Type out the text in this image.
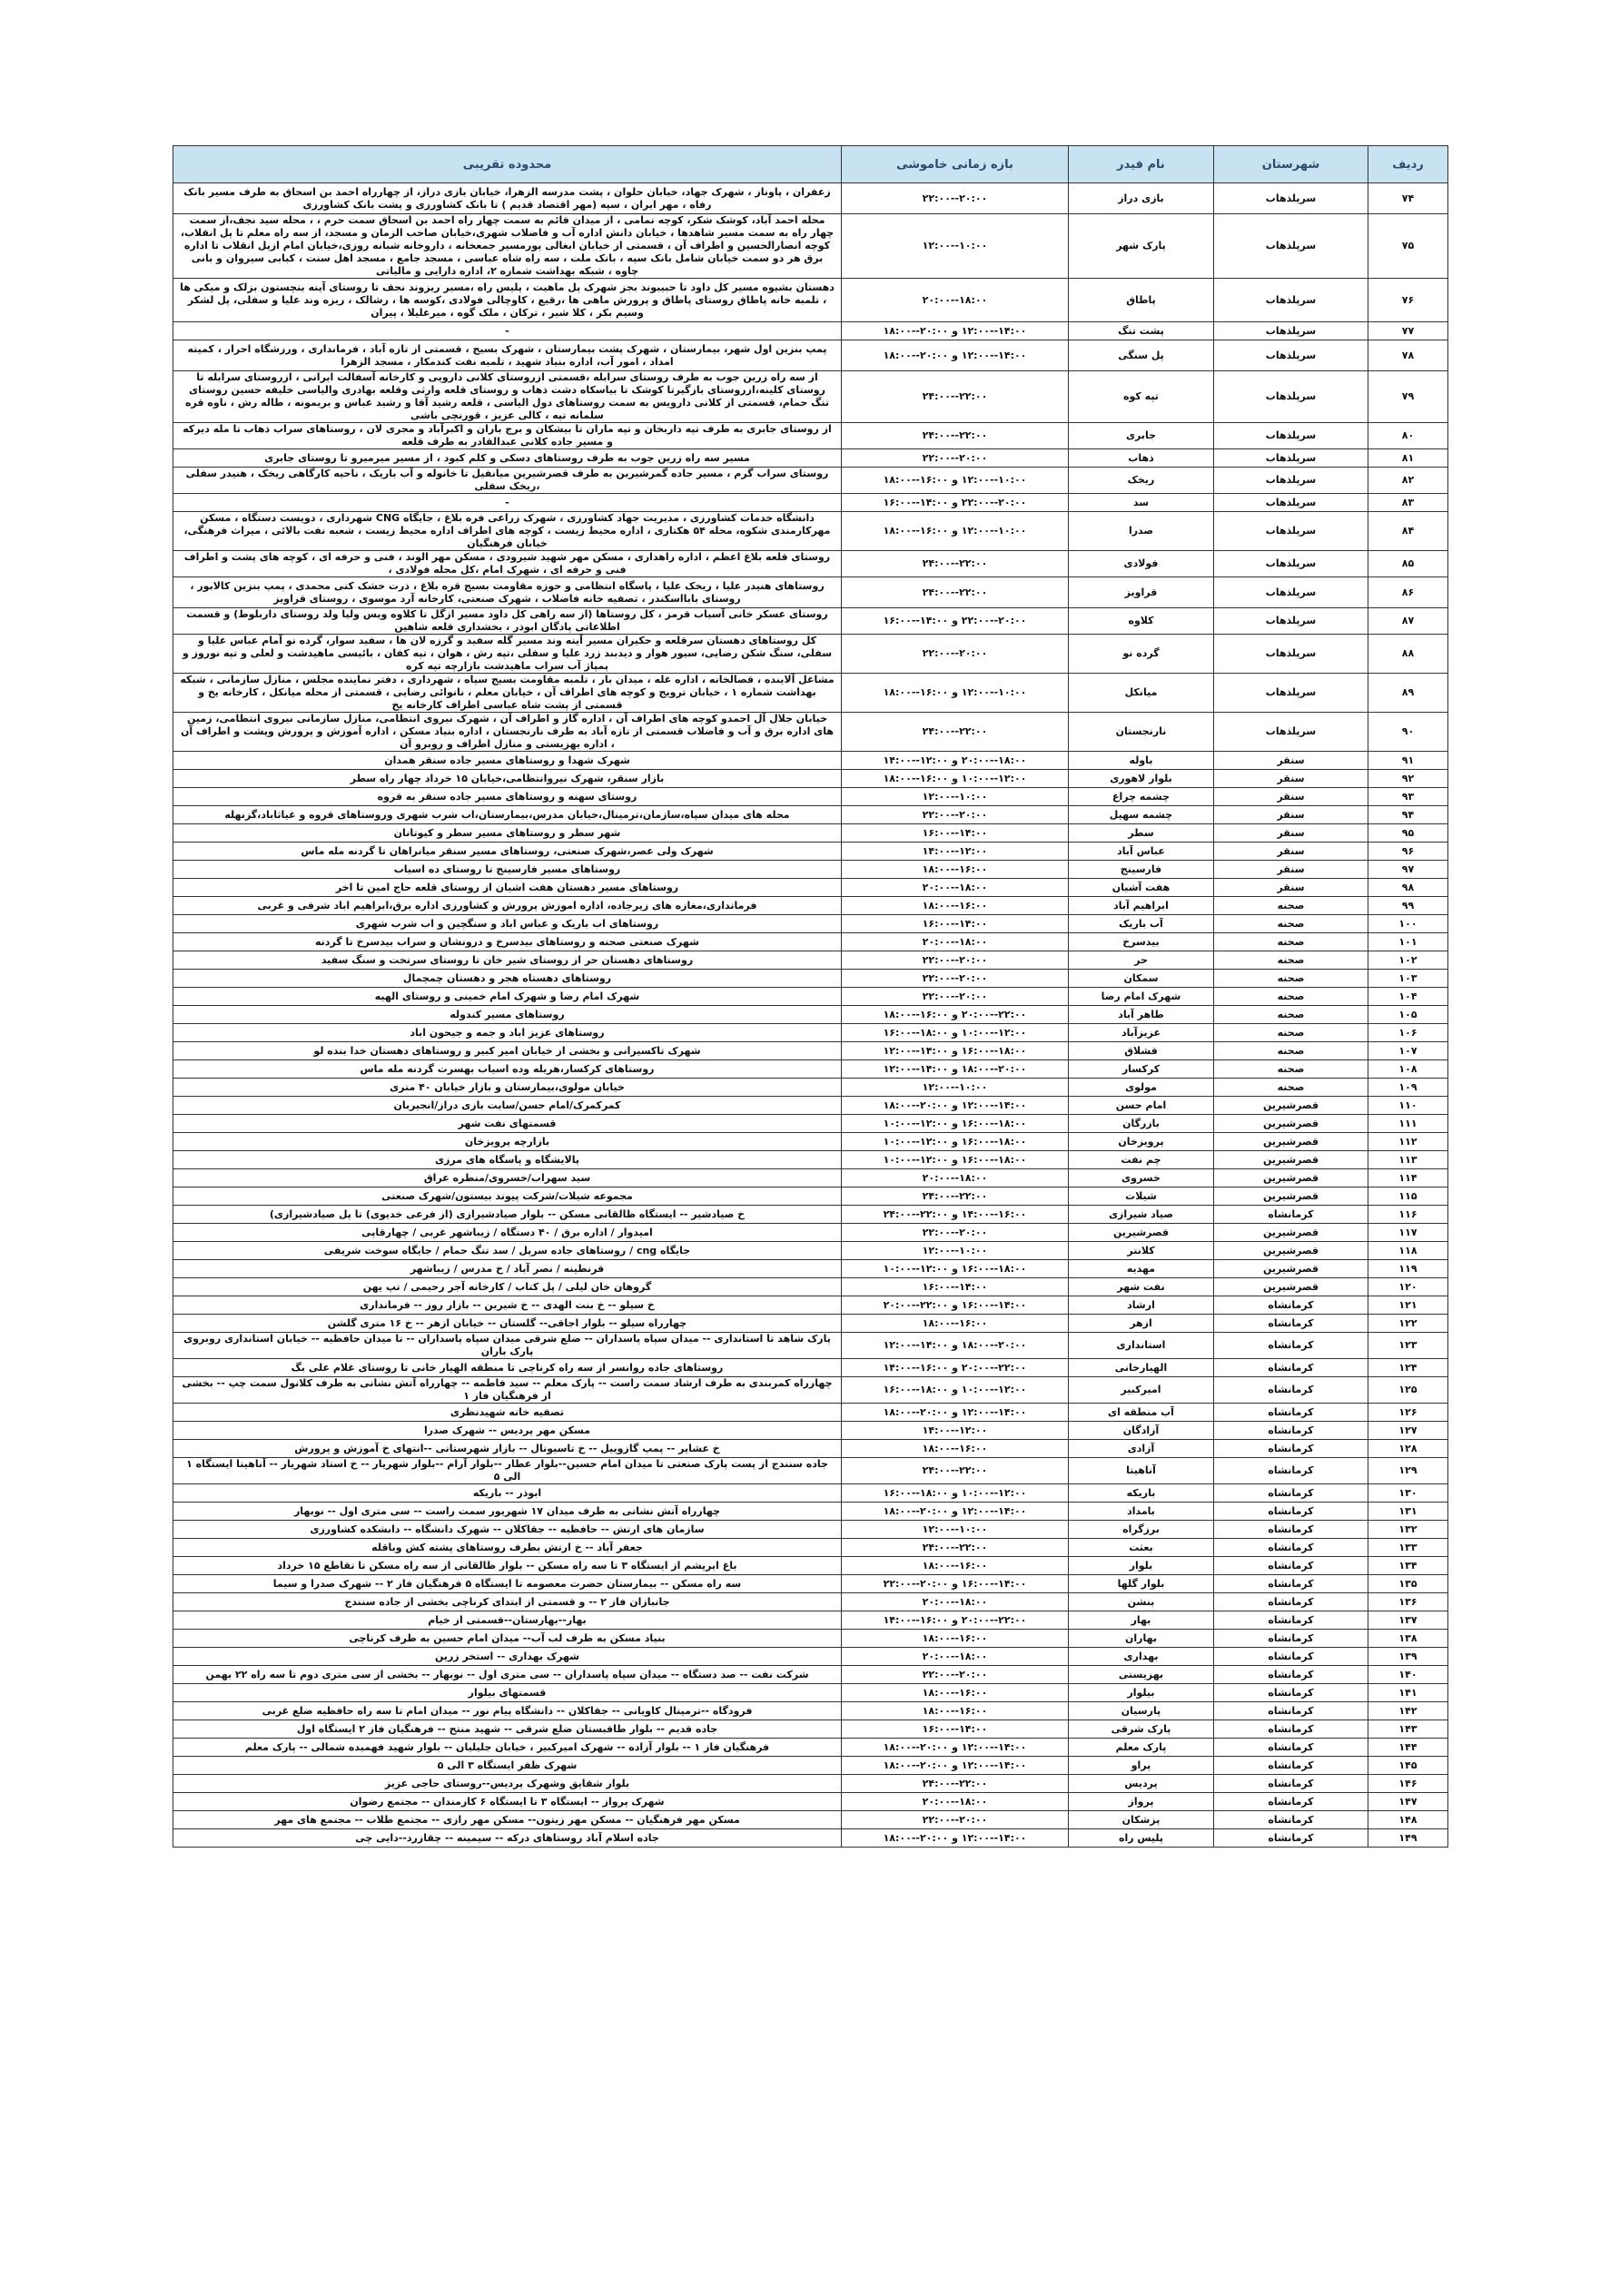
ردیف	شهرستان	نام فیدر	بازه زمانی خاموشی	محدوده تقریبی
۷۴	سرپلذهاب	بازی دراز	۲۰:۰۰--۲۲:۰۰	زعفران ، پاوناز ، شهرک جهاد، خیابان حلوان ، پشت مدرسه الزهرا، خیابان بازی دراز، از چهارراه احمد بن اسحاق به طرف مسیر بانک رفاه ، مهر ایران ، سپه (مهر اقتصاد قدیم ) تا بانک کشاورزی و پشت بانک کشاورزی
۷۵	سرپلذهاب	پارک شهر	۱۰:۰۰--۱۲:۰۰	محله احمد آباد، کوشک شکر، کوچه نمامی ، از میدان قائم به سمت چهار راه احمد بن اسحاق سمت حرم ، ، محله سید نجف،از سمت چهار راه به سمت مسیر شاهدها ، خیابان دانش اداره آب و فاضلاب شهری،خیابان صاحب الزمان و مسجد، از سه راه معلم تا پل انقلاب، کوچه انصارالحسین و اطراف آن ، قسمتی از خیابان ابغالی پورمسیر جمعخانه ، داروخانه شبانه روزی،خیابان امام ازپل انقلاب تا اداره برق هر دو سمت خیابان شامل بانک سپه ، بانک ملت ، سه راه شاه عباسی ، مسجد جامع ، مسجد اهل سنت ، کبابی سیروان و بانی چاوه ، شبکه بهداشت شماره ۲، اداره دارایی و مالیاتی
۷۶	سرپلذهاب	پاطاق	۱۸:۰۰--۲۰:۰۰	دهستان بشیوه مسیر کل داود تا حبیبوند بجز شهرک پل ماهیت ، پلیس راه ،مسیر ریزوند نجف تا روستای آینه بنچستون بزلک و میکی ها ، تلمبه خانه پاطاق روستای پاطاق و پرورش ماهی ها ،رقیع ، کاوچالی فولادی ،کوسه ها ، رشالک ، ریزه وند علیا و سفلی، پل لشکر وسیم بکر ، کلا شیر ، ترکان ، ملک گوه ، میرعلیلا ، پیران
۷۷	سرپلذهاب	پشت تنگ	۱۴:۰۰--۱۲:۰۰ و ۲۰:۰۰--۱۸:۰۰	-
۷۸	سرپلذهاب	پل سنگی	۱۴:۰۰--۱۲:۰۰ و ۲۰:۰۰--۱۸:۰۰	پمپ بنزین اول شهر، بیمارستان ، شهرک پشت بیمارستان ، شهرک بسیج ، قسمتی از تازه آباد ، فرمانداری ، ورزشگاه احرار ، کمیته امداد ، امور آب، اداره بنیاد شهید ، تلمبه نفت کندمکار ، مسجد الزهرا
۷۹	سرپلذهاب	تپه کوه	۲۲:۰۰--۲۴:۰۰	از سه راه زرین جوب به طرف روستای سرابله ،قسمتی ازروستای کلانی دارویی و کارخانه آسفالت ایرانی ، ازروستای سرابله تا روستای کلینه،ازروستای بازگیرتا کوشک تا بیاسکاه دشت ذهاب و روستای قلعه وارثی وقلعه بهادری والیاسی خلیفه حسین روستای تنگ حمام، قسمتی از کلانی دارویس به سمت روستاهای دول الیاسی ، قلعه رشید آقا و رشید عباس و بریمونه ، طاله رش ، ناوه قره سلمانه تپه ، کالی عزیز ، قورنچی باشی
۸۰	سرپلذهاب	جابری	۲۲:۰۰--۲۴:۰۰	از روستای جابری به طرف تپه داربخان و تپه ماران تا بیشکان و برج باران و اکبرآباد و مجری لان ، روستاهای سراب ذهاب تا مله دیرکه و مسیر جاده کلانی عبدالقادر به طرف قلعه
۸۱	سرپلذهاب	ذهاب	۲۰:۰۰--۲۲:۰۰	مسیر سه راه زرین جوب به طرف روستاهای دسکی و کلم کبود ، از مسیر میرمیرو تا روستای جابری
۸۲	سرپلذهاب	ریخک	۱۰:۰۰--۱۲:۰۰ و ۱۶:۰۰--۱۸:۰۰	روستای سراب گرم ، مسیر جاده گمرشیرین به طرف قصرشیرین میانفیل تا خانوله و آب باریک ، ناحیه کارگاهی ریخک ، هنیدر سفلی ،ریخک سفلی
۸۳	سرپلذهاب	سد	۲۰:۰۰--۲۲:۰۰ و ۱۴:۰۰--۱۶:۰۰	-
۸۴	سرپلذهاب	صدرا	۱۰:۰۰--۱۲:۰۰ و ۱۶:۰۰--۱۸:۰۰	دانشگاه خدمات کشاورزی ، مدیریت جهاد کشاورزی ، شهرک زراعی فره بلاغ ، جایگاه CNG شهرداری ، دویست دستگاه ، مسکن مهرکارمندی شکوه، محله ۵۴ هکتاری ، اداره محیط زیست ، کوچه های اطراف اداره محیط زیست ، شعبه نفت بالائی ، میراث فرهنگی، خیابان فرهنگیان
۸۵	سرپلذهاب	فولادی	۲۲:۰۰--۲۴:۰۰	روستای قلعه بلاغ اعظم ، اداره راهداری ، مسکن مهر شهید شیرودی ، مسکن مهر الوند ، فنی و حرفه ای ، کوچه های پشت و اطراف فنی و حرفه ای ، شهرک امام ،کل محله فولادی ،
۸۶	سرپلذهاب	قراویز	۲۲:۰۰--۲۴:۰۰	روستاهای هنیدر علیا ، ریخک علیا ، پاسگاه انتظامی و حوزه مقاومت بسیج قره بلاغ ، ذرت خشک کنی محمدی ، پمپ بنزین کالابور ، روستای بابااسکندر ، تصفیه خانه فاضلاب ، شهرک صنعتی، کارخانه آرد موسوی ، روستای قراویز
۸۷	سرپلذهاب	کلاوه	۲۰:۰۰--۲۲:۰۰ و ۱۴:۰۰--۱۶:۰۰	روستای عسکر خانی آسیاب قرمز ، کل روستاها (از سه راهی کل داود مسیر ازگل تا کلاوه ویس ولیا ولد روستای داربلوط) و قسمت اطلاعاتی پادگان ابوذر ، بخشداری قلعه شاهین
۸۸	سرپلذهاب	گرده نو	۲۰:۰۰--۲۲:۰۰	کل روستاهای دهستان سرقلعه و حکیران مسیر آینه وند مسیر گله سفید و گرزه لان ها ، سفید سوار، گرده نو آمام عباس علیا و سفلی، سنگ شکن رضایی، سیور هوار و دیدبند زرد علیا و سفلی ،تپه رش ، هوان ، تپه کفان ، بائیسی ماهیدشت و لعلی و تپه نوروز و پمپاژ آب سراب ماهیدشت بازارچه تپه کره
۸۹	سرپلذهاب	میانکل	۱۰:۰۰--۱۲:۰۰ و ۱۶:۰۰--۱۸:۰۰	مشاغل آلاینده ، قصالخانه ، اداره غله ، میدان بار ، تلمبه مقاومت بسیج سپاه ، شهرداری ، دفتر نماینده مجلس ، منازل سازمانی ، شبکه بهداشت شماره ۱ ، خیابان ترویج و کوچه های اطراف آن ، خیابان معلم ، نانوائی رضایی ، قسمتی از محله میانکل ، کارخانه یخ و قسمتی از پشت شاه عباسی اطراف کارخانه یخ
۹۰	سرپلذهاب	نارنجستان	۲۲:۰۰--۲۴:۰۰	خیابان جلال آل احمدو کوچه های اطراف آن ، اداره گاز و اطراف آن ، شهرک نیروی انتظامی، منازل سازمانی نیروی انتظامی، زمین های اداره برق و آب و فاضلاب قسمتی از تازه آباد به طرف نارنجستان ، اداره بنیاد مسکن ، اداره آموزش و پرورش وپشت و اطراف آن ، اداره بهزیستی و منازل اطراف و روبرو آن
۹۱	سنقر	باوله	۱۸:۰۰--۲۰:۰۰ و ۱۲:۰۰--۱۴:۰۰	شهرک شهدا و روستاهای مسیر جاده سنقر همدان
۹۲	سنقر	بلوار لاهوری	۱۲:۰۰--۱۰:۰۰ و ۱۶:۰۰--۱۸:۰۰	بازار سنقر، شهرک نیروانتظامی،خیابان ۱۵ خرداد چهار راه سطر
۹۳	سنقر	چشمه چراغ	۱۰:۰۰--۱۲:۰۰	روستای سهنه و روستاهای مسیر جاده سنقر به قروه
۹۴	سنقر	چشمه سهیل	۲۰:۰۰--۲۲:۰۰	محله های میدان سپاه،سازمان،ترمینال،خیابان مدرس،بیمارستان،اب شرب شهری وروستاهای قروه و غیاثاباد،گزنهله
۹۵	سنقر	سطر	۱۴:۰۰--۱۶:۰۰	شهر سطر و روستاهای مسیر سطر و کیوتانان
۹۶	سنقر	عباس آباد	۱۲:۰۰--۱۴:۰۰	شهرک ولی عصر،شهرک صنعتی، روستاهای مسیر سنقر میانراهان تا گردنه مله ماس
۹۷	سنقر	فارسینج	۱۶:۰۰--۱۸:۰۰	روستاهای مسیر فارسینج تا روستای ده اسیاب
۹۸	سنقر	هفت آشیان	۱۸:۰۰--۲۰:۰۰	روستاهای مسیر دهستان هفت اشیان از روستای قلعه حاج امین تا اخر
۹۹	صحنه	ابراهیم آباد	۱۶:۰۰--۱۸:۰۰	فرمانداری،مغازه های زیرجاده، اداره اموزش پرورش و کشاورزی اداره برق،ابراهیم اباد شرقی و غربی
۱۰۰	صحنه	آب باریک	۱۴:۰۰--۱۶:۰۰	روستاهای اب باریک و عباس اباد و سنگچین و اب شرب شهری
۱۰۱	صحنه	بیدسرخ	۱۸:۰۰--۲۰:۰۰	شهرک صنعتی صحنه و روستاهای بیدسرخ و درونشان و سراب بیدسرخ تا گردنه
۱۰۲	صحنه	حر	۲۰:۰۰--۲۲:۰۰	روستاهای دهستان حر از روستای شیر خان تا روستای سرتخت و سنگ سفید
۱۰۳	صحنه	سمکان	۲۰:۰۰--۲۲:۰۰	روستاهای دهستاه هجر و دهستان چمچمال
۱۰۴	صحنه	شهرک امام رضا	۲۰:۰۰--۲۲:۰۰	شهرک امام رضا و شهرک امام خمینی و روستای الهیه
۱۰۵	صحنه	طاهر آباد	۲۲:۰۰--۲۰:۰۰ و ۱۶:۰۰--۱۸:۰۰	روستاهای مسیر کندوله
۱۰۶	صحنه	عزیزآباد	۱۲:۰۰--۱۰:۰۰ و ۱۸:۰۰--۱۶:۰۰	روستاهای عزیز اباد و جمه و جیحون اباد
۱۰۷	صحنه	قشلاق	۱۸:۰۰--۱۶:۰۰ و ۱۴:۰۰--۱۲:۰۰	شهرک تاکسیرانی و بخشی از خیابان امیر کبیر و روستاهای دهستان خدا بنده لو
۱۰۸	صحنه	کرکسار	۲۰:۰۰--۱۸:۰۰ و ۱۴:۰۰--۱۲:۰۰	روستاهای کرکسار،هریله وده اسیاب بهسرت گردنه مله ماس
۱۰۹	صحنه	مولوی	۱۰:۰۰--۱۲:۰۰	خیابان مولوی،بیمارستان و بازار خیابان ۴۰ متری
۱۱۰	قصرشیرین	امام حسن	۱۴:۰۰--۱۲:۰۰ و ۲۰:۰۰--۱۸:۰۰	کمرکمرک/امام حسن/سایت بازی دراز/انجیربان
۱۱۱	قصرشیرین	بازرگان	۱۸:۰۰--۱۶:۰۰ و ۱۲:۰۰--۱۰:۰۰	قسمتهای نفت شهر
۱۱۲	قصرشیرین	پرویزخان	۱۸:۰۰--۱۶:۰۰ و ۱۲:۰۰--۱۰:۰۰	بازارچه پرویزخان
۱۱۳	قصرشیرین	چم نفت	۱۸:۰۰--۱۶:۰۰ و ۱۲:۰۰--۱۰:۰۰	پالایشگاه و پاسگاه های مرزی
۱۱۴	قصرشیرین	خسروی	۱۸:۰۰--۲۰:۰۰	سید سهراب/خسروی/منطره عراق
۱۱۵	قصرشیرین	شیلات	۲۲:۰۰--۲۴:۰۰	مجموعه شیلات/شرکت پیوند بیستون/شهرک صنعتی
۱۱۶	کرمانشاه	صیاد شیرازی	۱۶:۰۰--۱۴:۰۰ و ۲۲:۰۰--۲۴:۰۰	خ صیادشیر -- ایستگاه ظالقانی مسکن -- بلوار صیادشیرازی (از فرعی خدیوی) تا پل صیادشیرازی)
۱۱۷	قصرشیرین	قصرشیرین	۲۰:۰۰--۲۲:۰۰	امیدوار / اداره برق / ۴۰ دستگاه / زیباشهر غربی / چهارقاپی
۱۱۸	قصرشیرین	کلانتر	۱۰:۰۰--۱۲:۰۰	جایگاه cng / روستاهای جاده سرپل / سد تنگ حمام / جایگاه سوخت شریفی
۱۱۹	قصرشیرین	مهدیه	۱۸:۰۰--۱۶:۰۰ و ۱۲:۰۰--۱۰:۰۰	قرنطینه / نصر آباد / خ مدرس / زیباشهر
۱۲۰	قصرشیرین	نفت شهر	۱۴:۰۰--۱۶:۰۰	گروهان خان لیلی / پل کتاب / کارخانه آجر رحیمی / تپ یهن
۱۲۱	کرمانشاه	ارشاد	۱۴:۰۰--۱۶:۰۰ و ۲۲:۰۰--۲۰:۰۰	خ سیلو -- خ بنت الهدی -- خ شیرین -- بازار روز -- فرمانداری
۱۲۲	کرمانشاه	ازهر	۱۶:۰۰--۱۸:۰۰	چهارراه سیلو -- بلوار اجاقی-- گلستان -- خیابان ازهر -- خ ۱۶ متری گلشن
۱۲۳	کرمانشاه	استانداری	۲۰:۰۰--۱۸:۰۰ و ۱۴:۰۰--۱۲:۰۰	پارک شاهد تا استانداری -- میدان سپاه پاسداران -- ضلع شرقی میدان سپاه پاسداران -- تا میدان حافظیه -- خیابان استانداری روبروی پارک باران
۱۲۴	کرمانشاه	الهیارخانی	۲۲:۰۰--۲۰:۰۰ و ۱۶:۰۰--۱۴:۰۰	روستاهای جاده روانسر از سه راه کرناچی تا منطقه الهیار خانی تا روستای غلام علی بگ
۱۲۵	کرمانشاه	امیرکبیر	۱۲:۰۰--۱۰:۰۰ و ۱۸:۰۰--۱۶:۰۰	چهارراه کمربندی به طرف ارشاد سمت راست -- پارک معلم -- سید فاطمه -- چهارراه آتش نشانی به طرف کلانول سمت چپ -- بخشی از فرهنگیان فاز ۱
۱۲۶	کرمانشاه	آب منطقه ای	۱۴:۰۰--۱۲:۰۰ و ۲۰:۰۰--۱۸:۰۰	تصفیه خانه شهیدنظری
۱۲۷	کرمانشاه	آزادگان	۱۲:۰۰--۱۴:۰۰	مسکن مهر پردیس -- شهرک صدرا
۱۲۸	کرمانشاه	آزادی	۱۶:۰۰--۱۸:۰۰	خ عشایر -- پمپ گازوییل -- خ تاسیونال -- بازار شهرستانی --انتهای خ آموزش و پرورش
۱۲۹	کرمانشاه	آناهیتا	۲۲:۰۰--۲۴:۰۰	جاده سنندج از پست پارک صنعتی تا میدان امام حسین--بلوار عطار --بلوار آرام --بلوار شهریار -- خ استاد شهریار -- آناهیتا ایستگاه ۱ الی ۵
۱۳۰	کرمانشاه	باریکه	۱۲:۰۰--۱۰:۰۰ و ۱۸:۰۰--۱۶:۰۰	ابوذر -- باریکه
۱۳۱	کرمانشاه	بامداد	۱۴:۰۰--۱۲:۰۰ و ۲۰:۰۰--۱۸:۰۰	چهارراه آتش نشانی به طرف میدان ۱۷ شهریور سمت راست -- سی متری اول -- نوبهار
۱۳۲	کرمانشاه	برزگراه	۱۰:۰۰--۱۲:۰۰	سازمان های ارتش -- حافظیه -- جقاکلان -- شهرک دانشگاه -- دانشکده کشاورزی
۱۳۳	کرمانشاه	بعثت	۲۲:۰۰--۲۴:۰۰	جعفر آباد -- خ ارتش بطرف روستاهای پشته کش وباقله
۱۳۴	کرمانشاه	بلوار	۱۶:۰۰--۱۸:۰۰	باغ ابریشم از ایستگاه ۳ تا سه راه مسکن -- بلوار ظالقانی از سه راه مسکن تا تقاطع ۱۵ خرداد
۱۳۵	کرمانشاه	بلوار گلها	۱۴:۰۰--۱۶:۰۰ و ۲۰:۰۰--۲۲:۰۰	سه راه مسکن -- بیمارستان حضرت معصومه تا ایستگاه ۵ فرهنگیان فاز ۲ -- شهرک صدرا و سیما
۱۳۶	کرمانشاه	بنشن	۱۸:۰۰--۲۰:۰۰	جانبازان فاز ۲ -- و قسمتی از ابتدای کرناچی بخشی از جاده سنندج
۱۳۷	کرمانشاه	بهار	۲۲:۰۰--۲۰:۰۰ و ۱۶:۰۰--۱۴:۰۰	بهار--بهارستان--قسمتی از خیام
۱۳۸	کرمانشاه	بهاران	۱۶:۰۰--۱۸:۰۰	بنیاد مسکن به طرف لب آب-- میدان امام حسین به طرف کرناچی
۱۳۹	کرمانشاه	بهداری	۱۸:۰۰--۲۰:۰۰	شهرک بهداری -- استخر زرین
۱۴۰	کرمانشاه	بهزیستی	۲۰:۰۰--۲۲:۰۰	شرکت نفت -- صد دستگاه -- میدان سپاه پاسداران -- سی متری اول -- نوبهار -- بخشی از سی متری دوم تا سه راه ۲۲ بهمن
۱۴۱	کرمانشاه	بیلوار	۱۶:۰۰--۱۸:۰۰	قسمتهای بیلوار
۱۴۲	کرمانشاه	پارسیان	۱۶:۰۰--۱۸:۰۰	فرودگاه --ترمینال کاویانی -- جقاکلان -- دانشگاه پیام نور -- میدان امام تا سه راه حافظیه ضلع غربی
۱۴۳	کرمانشاه	پارک شرقی	۱۴:۰۰--۱۶:۰۰	جاده قدیم -- بلوار طاقبستان ضلع شرقی -- شهید منتح -- فرهنگیان فاز ۲ ایستگاه اول
۱۴۴	کرمانشاه	پارک معلم	۱۴:۰۰--۱۲:۰۰ و ۲۰:۰۰--۱۸:۰۰	فرهنگیان فاز ۱ -- بلوار آزاده -- شهرک امیرکبیر ، خیابان جلیلیان -- بلوار شهید فهمیده شمالی -- پارک معلم
۱۴۵	کرمانشاه	پراو	۱۴:۰۰--۱۲:۰۰ و ۲۰:۰۰--۱۸:۰۰	شهرک ظفر ایستگاه ۳ الی ۵
۱۴۶	کرمانشاه	پردیس	۲۲:۰۰--۲۴:۰۰	بلوار شقایق وشهرک پردیس--روستای حاجی عزیز
۱۴۷	کرمانشاه	پرواز	۱۸:۰۰--۲۰:۰۰	شهرک پرواز -- ایستگاه ۳ تا ایستگاه ۶ کارمندان -- مجتمع رضوان
۱۴۸	کرمانشاه	پزشکان	۲۰:۰۰--۲۲:۰۰	مسکن مهر فرهنگیان -- مسکن مهر زیتون-- مسکن مهر رازی -- مجتمع طلاب -- مجتمع های مهر
۱۴۹	کرمانشاه	پلیس راه	۱۴:۰۰--۱۲:۰۰ و ۲۰:۰۰--۱۸:۰۰	جاده اسلام آباد روستاهای درکه -- سیمینه -- چقازرد--دایی چی
